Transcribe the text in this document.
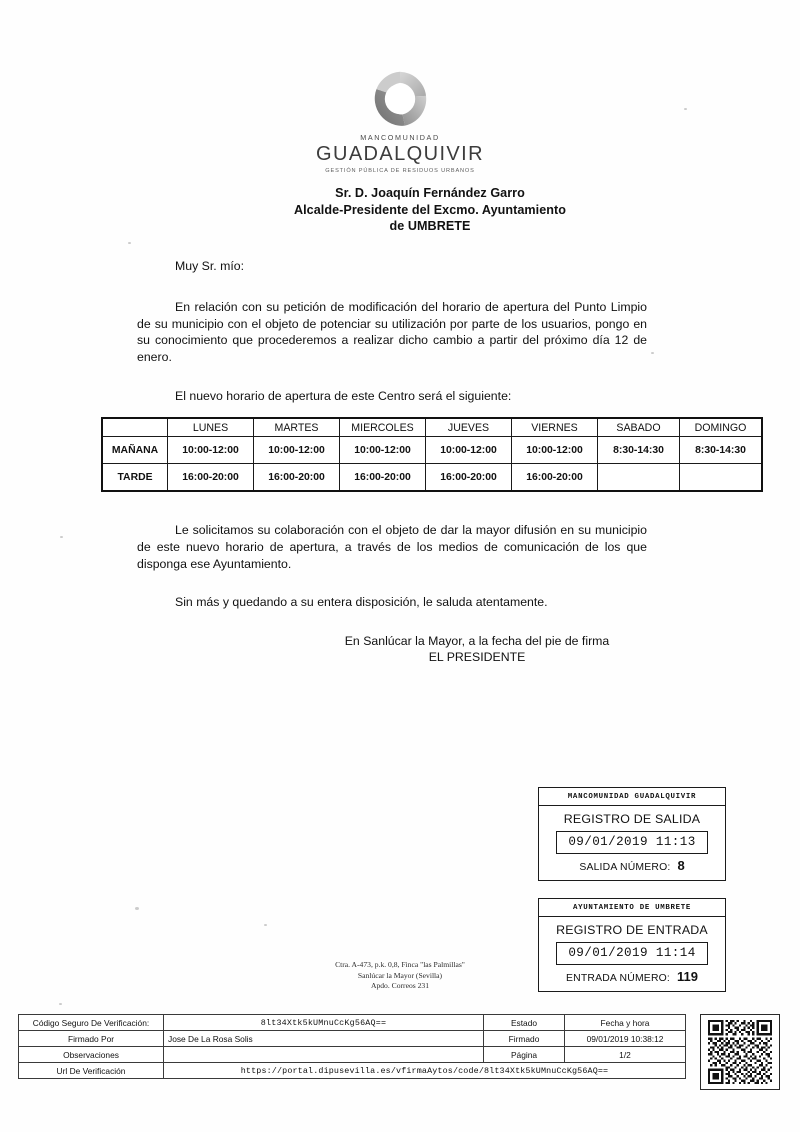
MANCOMUNIDAD
GUADALQUIVIR
GESTIÓN PÚBLICA DE RESIDUOS URBANOS
Sr. D. Joaquín Fernández Garro
Alcalde-Presidente del Excmo. Ayuntamiento
de UMBRETE

Muy Sr. mío:

En relación con su petición de modificación del horario de apertura del Punto Limpio de su municipio con el objeto de potenciar su utilización por parte de los usuarios, pongo en su conocimiento que procederemos a realizar dicho cambio a partir del próximo día 12 de enero.

El nuevo horario de apertura de este Centro será el siguiente:

	LUNES	MARTES	MIERCOLES	JUEVES	VIERNES	SABADO	DOMINGO
MAÑANA	10:00-12:00	10:00-12:00	10:00-12:00	10:00-12:00	10:00-12:00	8:30-14:30	8:30-14:30
TARDE	16:00-20:00	16:00-20:00	16:00-20:00	16:00-20:00	16:00-20:00		

Le solicitamos su colaboración con el objeto de dar la mayor difusión en su municipio de este nuevo horario de apertura, a través de los medios de comunicación de los que disponga ese Ayuntamiento.

Sin más y quedando a su entera disposición, le saluda atentamente.

En Sanlúcar la Mayor, a la fecha del pie de firma
EL PRESIDENTE

MANCOMUNIDAD GUADALQUIVIR
REGISTRO DE SALIDA
09/01/2019 11:13
SALIDA NÚMERO: 8
AYUNTAMIENTO DE UMBRETE
REGISTRO DE ENTRADA
09/01/2019 11:14
ENTRADA NÚMERO: 119
Ctra. A-473, p.k. 0,8, Finca "las Palmillas"
Sanlúcar la Mayor (Sevilla)
Apdo. Correos 231
Código Seguro De Verificación:	8lt34Xtk5kUMnuCcKg56AQ==	Estado	Fecha y hora
Firmado Por	Jose De La Rosa Solis	Firmado	09/01/2019 10:38:12
Observaciones		Página	1/2
Url De Verificación	https://portal.dipusevilla.es/vfirmaAytos/code/8lt34Xtk5kUMnuCcKg56AQ==		
